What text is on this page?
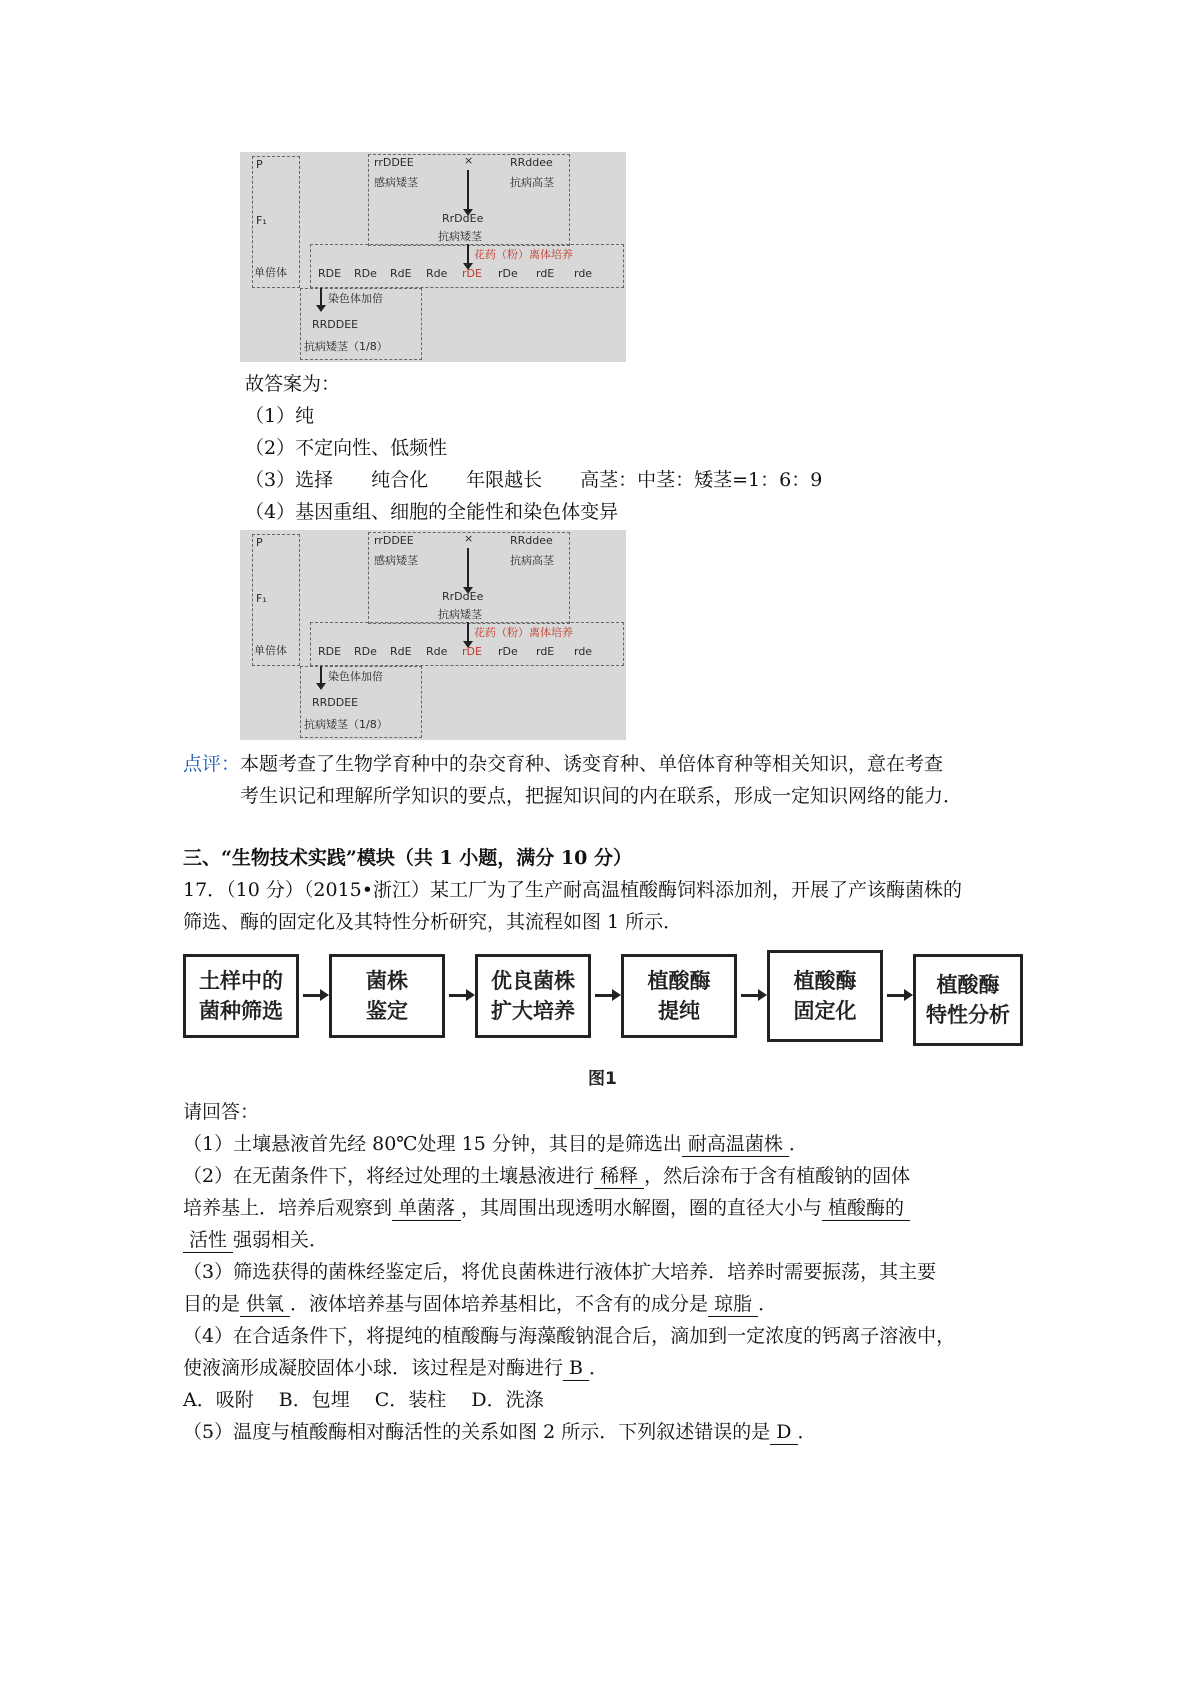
P
F₁
单倍体
rrDDEE
感病矮茎
×	RRddee
抗病高茎
RrDdEe
抗病矮茎
花药（粉）离体培养
RDE RDe RdE Rde rDE rDe rdE rde
染色体加倍
RRDDEE
抗病矮茎（1/8）
故答案为：
（1）纯
（2）不定向性、低频性
（3）选择 纯合化 年限越长 高茎：中茎：矮茎=1：6：9
（4）基因重组、细胞的全能性和染色体变异
P
F₁
单倍体
rrDDEE
感病矮茎
×	RRddee
抗病高茎
RrDdEe
抗病矮茎
花药（粉）离体培养
RDE RDe RdE Rde rDE rDe rdE rde
染色体加倍
RRDDEE
抗病矮茎（1/8）
点评：本题考查了生物学育种中的杂交育种、诱变育种、单倍体育种等相关知识，意在考查
考生识记和理解所学知识的要点，把握知识间的内在联系，形成一定知识网络的能力．
三、“生物技术实践”模块（共 1 小题，满分 10 分）
17．（10 分）（2015•浙江）某工厂为了生产耐高温植酸酶饲料添加剂，开展了产该酶菌株的
筛选、酶的固定化及其特性分析研究，其流程如图 1 所示．
土样中的
菌种筛选
菌株
鉴定
优良菌株
扩大培养
植酸酶
提纯
植酸酶
固定化
植酸酶
特性分析
图1
请回答：
（1）土壤悬液首先经 80℃处理 15 分钟，其目的是筛选出 耐高温菌株 ．
（2）在无菌条件下，将经过处理的土壤悬液进行 稀释 ，然后涂布于含有植酸钠的固体
培养基上．培养后观察到 单菌落 ，其周围出现透明水解圈，圈的直径大小与 植酸酶的
活性 强弱相关．
（3）筛选获得的菌株经鉴定后，将优良菌株进行液体扩大培养．培养时需要振荡，其主要
目的是 供氧 ．液体培养基与固体培养基相比，不含有的成分是 琼脂 ．
（4）在合适条件下，将提纯的植酸酶与海藻酸钠混合后，滴加到一定浓度的钙离子溶液中，
使液滴形成凝胶固体小球．该过程是对酶进行 B ．
A．吸附　 B．包埋　 C．装柱　 D．洗涤
（5）温度与植酸酶相对酶活性的关系如图 2 所示．下列叙述错误的是 D ．
